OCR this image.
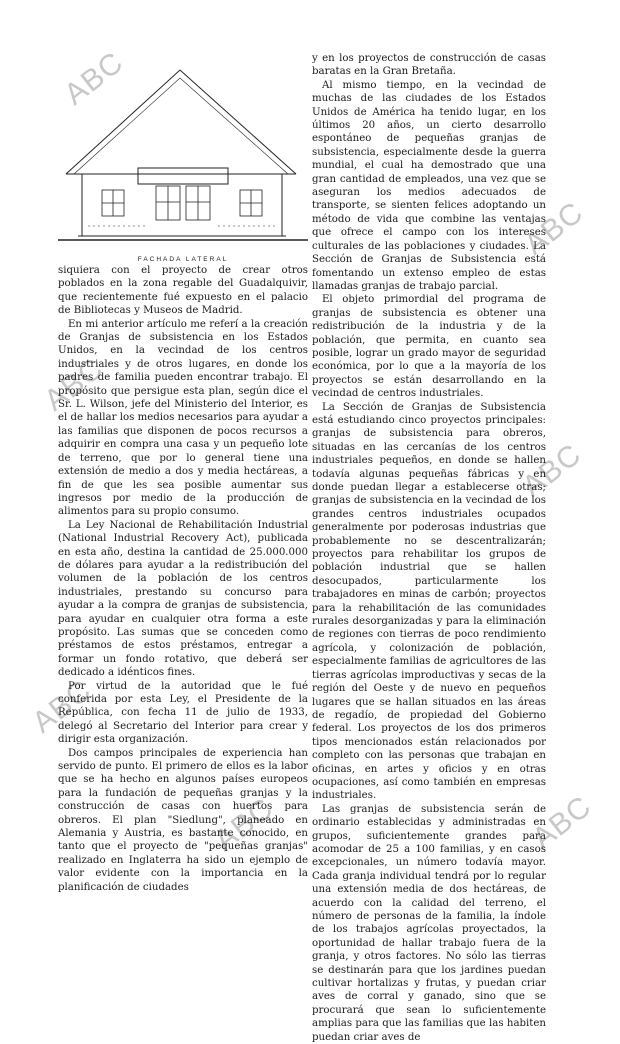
ABC
ABC
ABC
ABC
ABC
ABC	ABC
FACHADA LATERAL

siquiera con el proyecto de crear otros poblados en la zona regable del Guadalquivir, que recientemente fué expuesto en el palacio de Bibliotecas y Museos de Madrid.

En mi anterior artículo me referí a la creación de Granjas de subsistencia en los Estados Unidos, en la vecindad de los centros industriales y de otros lugares, en donde los padres de familia pueden encontrar trabajo. El propósito que persigue esta plan, según dice el Sr. L. Wilson, jefe del Ministerio del Interior, es el de hallar los medios necesarios para ayudar a las familias que disponen de pocos recursos a adquirir en compra una casa y un pequeño lote de terreno, que por lo general tiene una extensión de medio a dos y media hectáreas, a fin de que les sea posible aumentar sus ingresos por medio de la producción de alimentos para su propio consumo.

La Ley Nacional de Rehabilitación Industrial (National Industrial Recovery Act), publicada en esta año, destina la cantidad de 25.000.000 de dólares para ayudar a la redistribución del volumen de la población de los centros industriales, prestando su concurso para ayudar a la compra de granjas de subsistencia, para ayudar en cualquier otra forma a este propósito. Las sumas que se conceden como préstamos de estos préstamos, entregar a formar un fondo rotativo, que deberá ser dedicado a idénticos fines.

Por virtud de la autoridad que le fué conferida por esta Ley, el Presidente de la República, con fecha 11 de julio de 1933, delegó al Secretario del Interior para crear y dirigir esta organización.

Dos campos principales de experiencia han servido de punto. El primero de ellos es la labor que se ha hecho en algunos países europeos para la fundación de pequeñas granjas y la construcción de casas con huertos para obreros. El plan "Siedlung", planeado en Alemania y Austria, es bastante conocido, en tanto que el proyecto de "pequeñas granjas" realizado en Inglaterra ha sido un ejemplo de valor evidente con la importancia en la planificación de ciudades

y en los proyectos de construcción de casas baratas en la Gran Bretaña.

Al mismo tiempo, en la vecindad de muchas de las ciudades de los Estados Unidos de América ha tenido lugar, en los últimos 20 años, un cierto desarrollo espontáneo de pequeñas granjas de subsistencia, especialmente desde la guerra mundial, el cual ha demostrado que una gran cantidad de empleados, una vez que se aseguran los medios adecuados de transporte, se sienten felices adoptando un método de vida que combine las ventajas que ofrece el campo con los intereses culturales de las poblaciones y ciudades. La Sección de Granjas de Subsistencia está fomentando un extenso empleo de estas llamadas granjas de trabajo parcial.

El objeto primordial del programa de granjas de subsistencia es obtener una redistribución de la industria y de la población, que permita, en cuanto sea posible, lograr un grado mayor de seguridad económica, por lo que a la mayoría de los proyectos se están desarrollando en la vecindad de centros industriales.

La Sección de Granjas de Subsistencia está estudiando cinco proyectos principales: granjas de subsistencia para obreros, situadas en las cercanías de los centros industriales pequeños, en donde se hallen todavía algunas pequeñas fábricas y en donde puedan llegar a establecerse otras; granjas de subsistencia en la vecindad de los grandes centros industriales ocupados generalmente por poderosas industrias que probablemente no se descentralizarán; proyectos para rehabilitar los grupos de población industrial que se hallen desocupados, particularmente los trabajadores en minas de carbón; proyectos para la rehabilitación de las comunidades rurales desorganizadas y para la eliminación de regiones con tierras de poco rendimiento agrícola, y colonización de población, especialmente familias de agricultores de las tierras agrícolas improductivas y secas de la región del Oeste y de nuevo en pequeños lugares que se hallan situados en las áreas de regadío, de propiedad del Gobierno federal. Los proyectos de los dos primeros tipos mencionados están relacionados por completo con las personas que trabajan en oficinas, en artes y oficios y en otras ocupaciones, así como también en empresas industriales.

Las granjas de subsistencia serán de ordinario establecidas y administradas en grupos, suficientemente grandes para acomodar de 25 a 100 familias, y en casos excepcionales, un número todavía mayor. Cada granja individual tendrá por lo regular una extensión media de dos hectáreas, de acuerdo con la calidad del terreno, el número de personas de la familia, la índole de los trabajos agrícolas proyectados, la oportunidad de hallar trabajo fuera de la granja, y otros factores. No sólo las tierras se destinarán para que los jardines puedan cultivar hortalizas y frutas, y puedan criar aves de corral y ganado, sino que se procurará que sean lo suficientemente amplias para que las familias que las habiten puedan criar aves de
